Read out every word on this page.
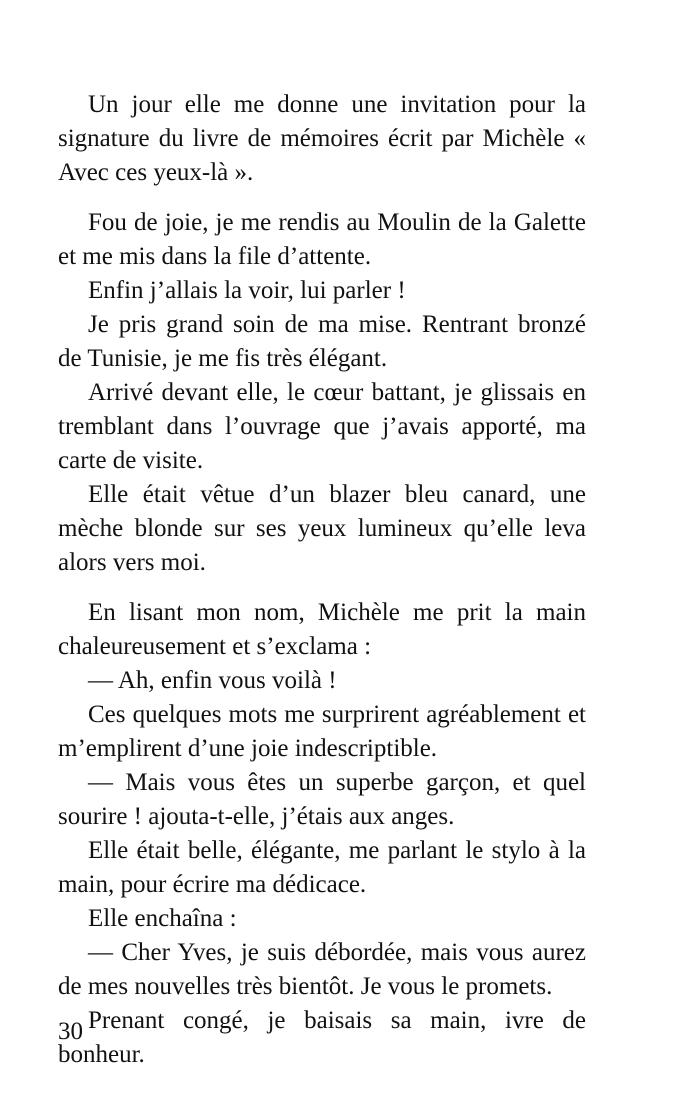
Un jour elle me donne une invitation pour la signature du livre de mémoires écrit par Michèle « Avec ces yeux-là ».

Fou de joie, je me rendis au Moulin de la Galette et me mis dans la file d’attente.

Enfin j’allais la voir, lui parler !

Je pris grand soin de ma mise. Rentrant bronzé de Tunisie, je me fis très élégant.

Arrivé devant elle, le cœur battant, je glissais en tremblant dans l’ouvrage que j’avais apporté, ma carte de visite.

Elle était vêtue d’un blazer bleu canard, une mèche blonde sur ses yeux lumineux qu’elle leva alors vers moi.

En lisant mon nom, Michèle me prit la main chaleureusement et s’exclama :

— Ah, enfin vous voilà !

Ces quelques mots me surprirent agréablement et m’emplirent d’une joie indescriptible.

— Mais vous êtes un superbe garçon, et quel sourire ! ajouta-t-elle, j’étais aux anges.

Elle était belle, élégante, me parlant le stylo à la main, pour écrire ma dédicace.

Elle enchaîna :

— Cher Yves, je suis débordée, mais vous aurez de mes nouvelles très bientôt. Je vous le promets.

Prenant congé, je baisais sa main, ivre de bonheur.

30
